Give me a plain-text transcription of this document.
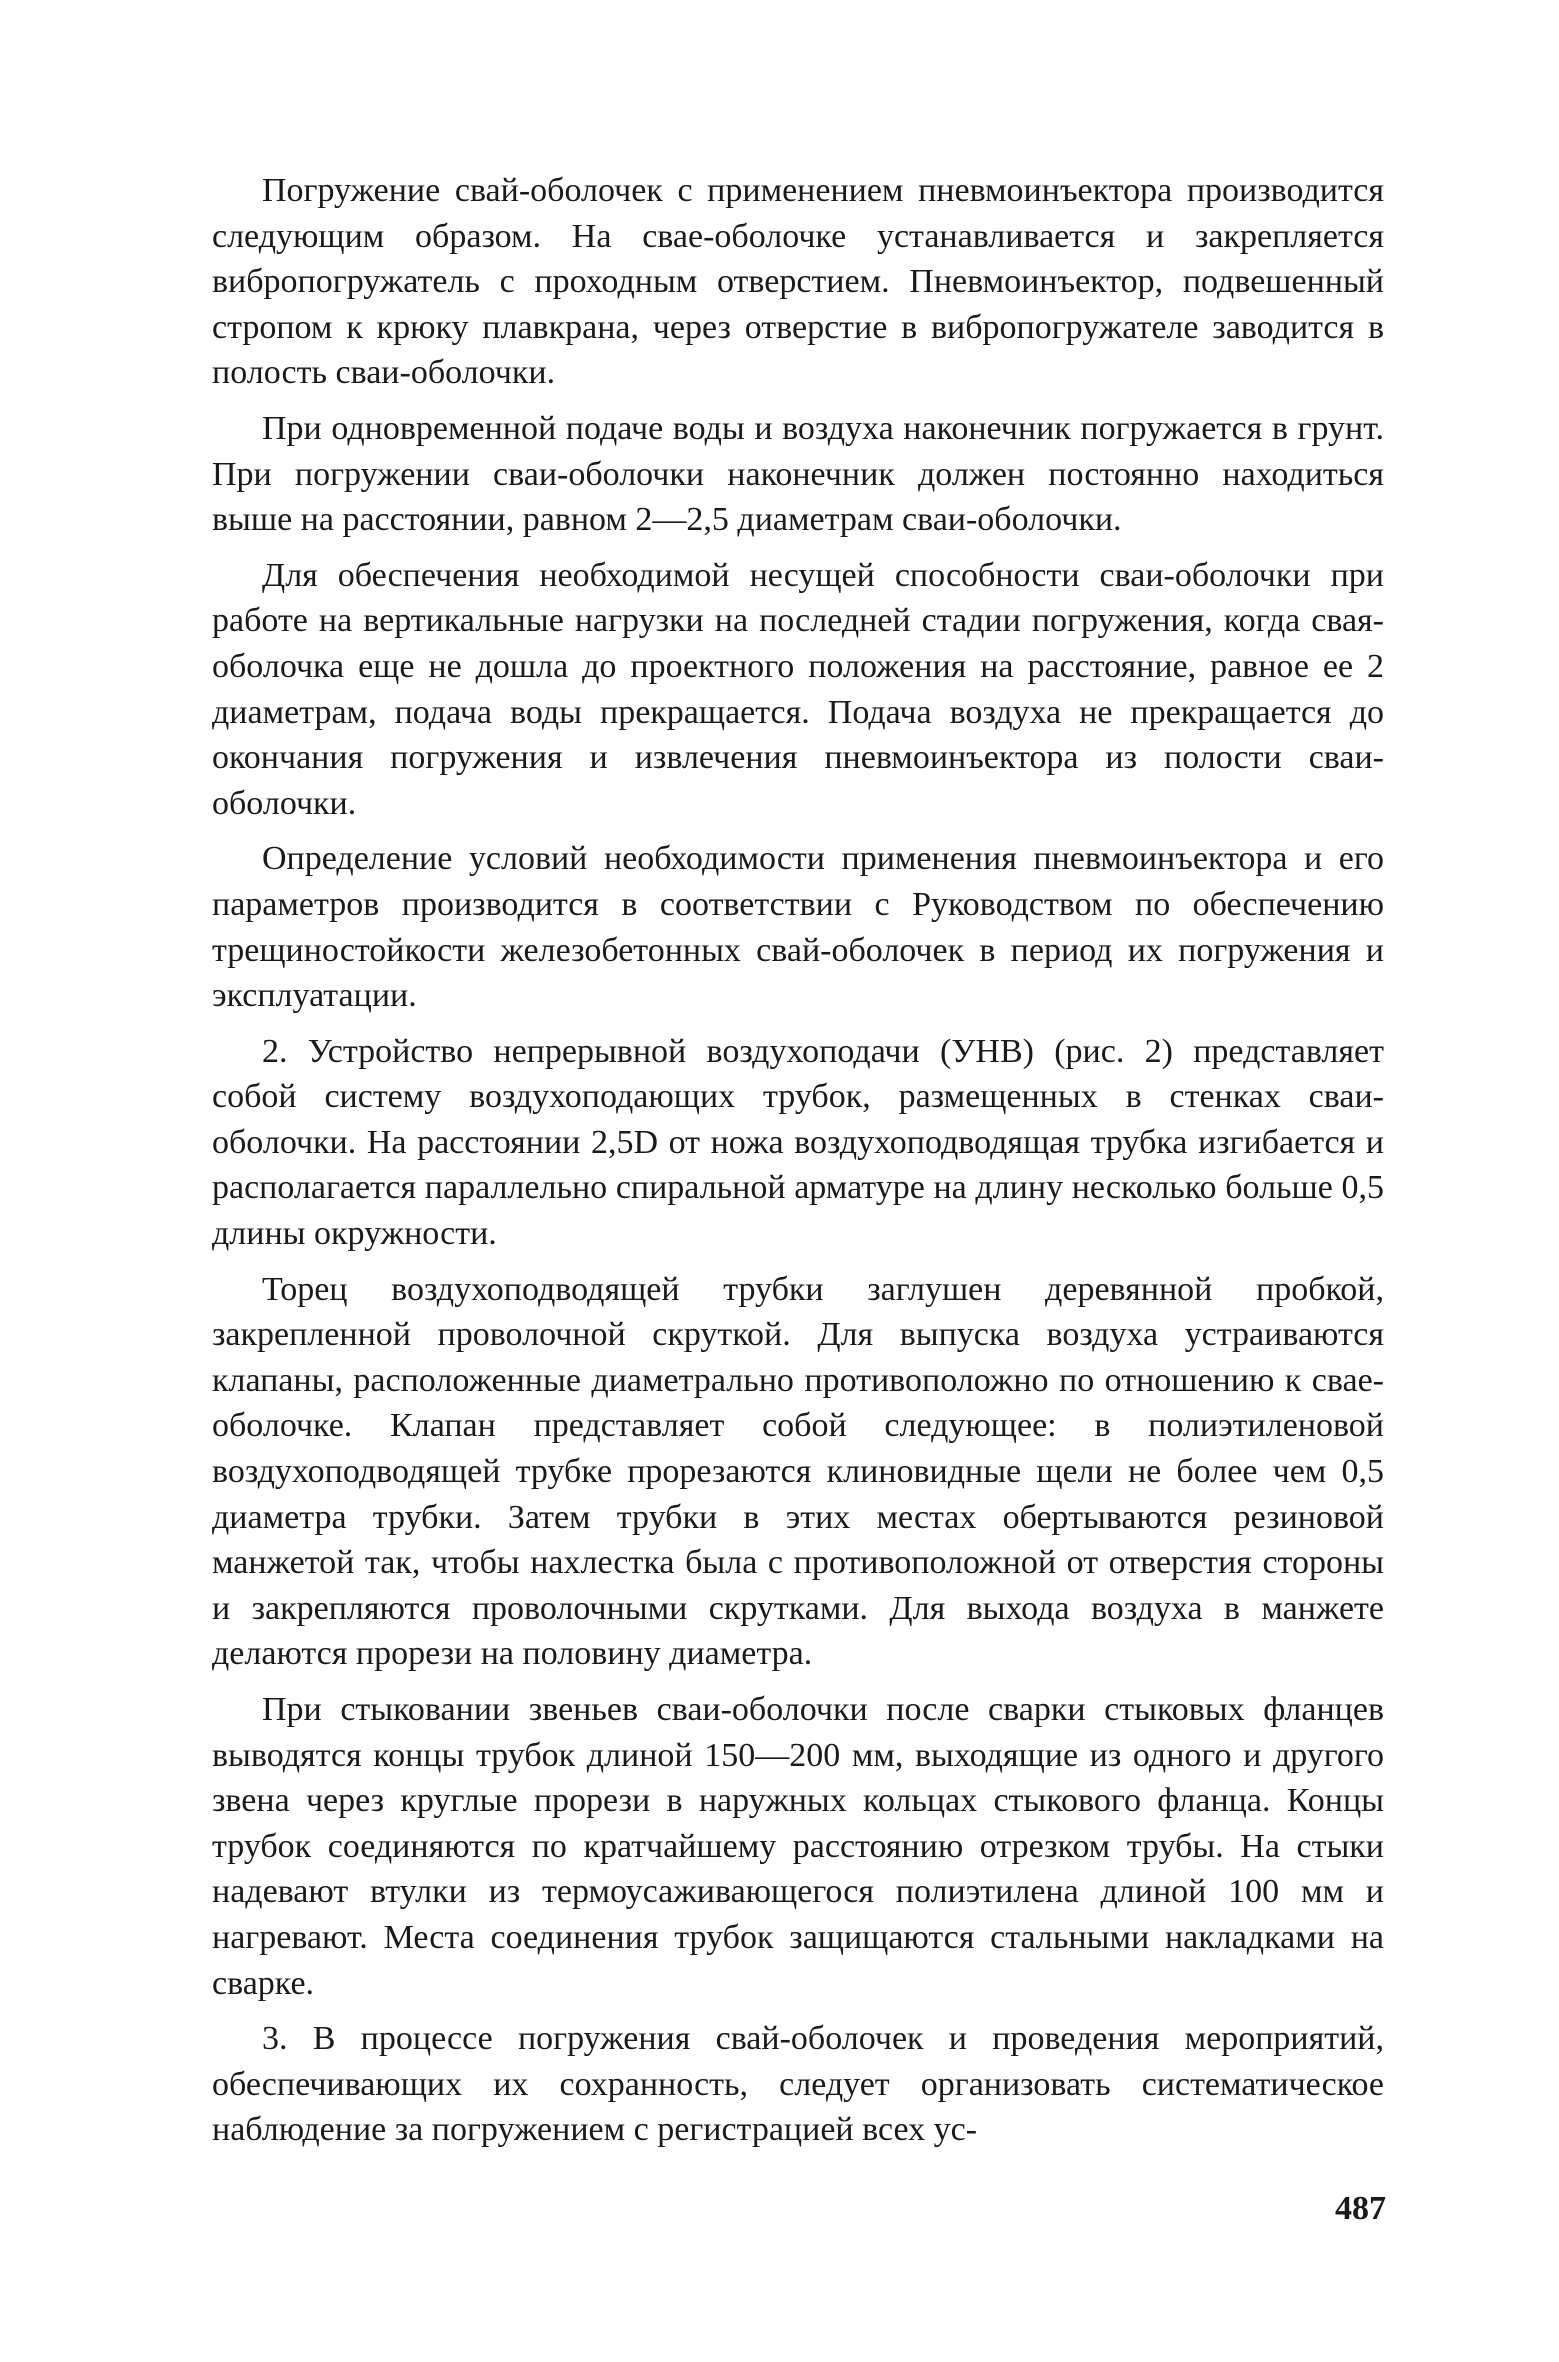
Погружение свай-оболочек с применением пневмоинъектора производится следующим образом. На сваe-оболочке устанавливается и закрепляется вибропогружатель с проходным отверстием. Пневмоинъектор, подвешенный стропом к крюку плавкрана, через отверстие в вибропогружателе заводится в полость сваи-оболочки.

При одновременной подаче воды и воздуха наконечник погружается в грунт. При погружении сваи-оболочки наконечник должен постоянно находиться выше на расстоянии, равном 2—2,5 диаметрам сваи-оболочки.

Для обеспечения необходимой несущей способности сваи-оболочки при работе на вертикальные нагрузки на последней стадии погружения, когда свая-оболочка еще не дошла до проектного положения на расстояние, равное ее 2 диаметрам, подача воды прекращается. Подача воздуха не прекращается до окончания погружения и извлечения пневмоинъектора из полости сваи-оболочки.

Определение условий необходимости применения пневмоинъектора и его параметров производится в соответствии с Руководством по обеспечению трещиностойкости железобетонных свай-оболочек в период их погружения и эксплуатации.

2. Устройство непрерывной воздухоподачи (УНВ) (рис. 2) представляет собой систему воздухоподающих трубок, размещенных в стенках сваи-оболочки. На расстоянии 2,5D от ножа воздухоподводящая трубка изгибается и располагается параллельно спиральной арматуре на длину несколько больше 0,5 длины окружности.

Торец воздухоподводящей трубки заглушен деревянной пробкой, закрепленной проволочной скруткой. Для выпуска воздуха устраиваются клапаны, расположенные диаметрально противоположно по отношению к свае-оболочке. Клапан представляет собой следующее: в полиэтиленовой воздухоподводящей трубке прорезаются клиновидные щели не более чем 0,5 диаметра трубки. Затем трубки в этих местах обертываются резиновой манжетой так, чтобы нахлестка была с противоположной от отверстия стороны и закрепляются проволочными скрутками. Для выхода воздуха в манжете делаются прорези на половину диаметра.

При стыковании звеньев сваи-оболочки после сварки стыковых фланцев выводятся концы трубок длиной 150—200 мм, выходящие из одного и другого звена через круглые прорези в наружных кольцах стыкового фланца. Концы трубок соединяются по кратчайшему расстоянию отрезком трубы. На стыки надевают втулки из термоусаживающегося полиэтилена длиной 100 мм и нагревают. Места соединения трубок защищаются стальными накладками на сварке.

3. В процессе погружения свай-оболочек и проведения мероприятий, обеспечивающих их сохранность, следует организовать систематическое наблюдение за погружением с регистрацией всех ус-

487
